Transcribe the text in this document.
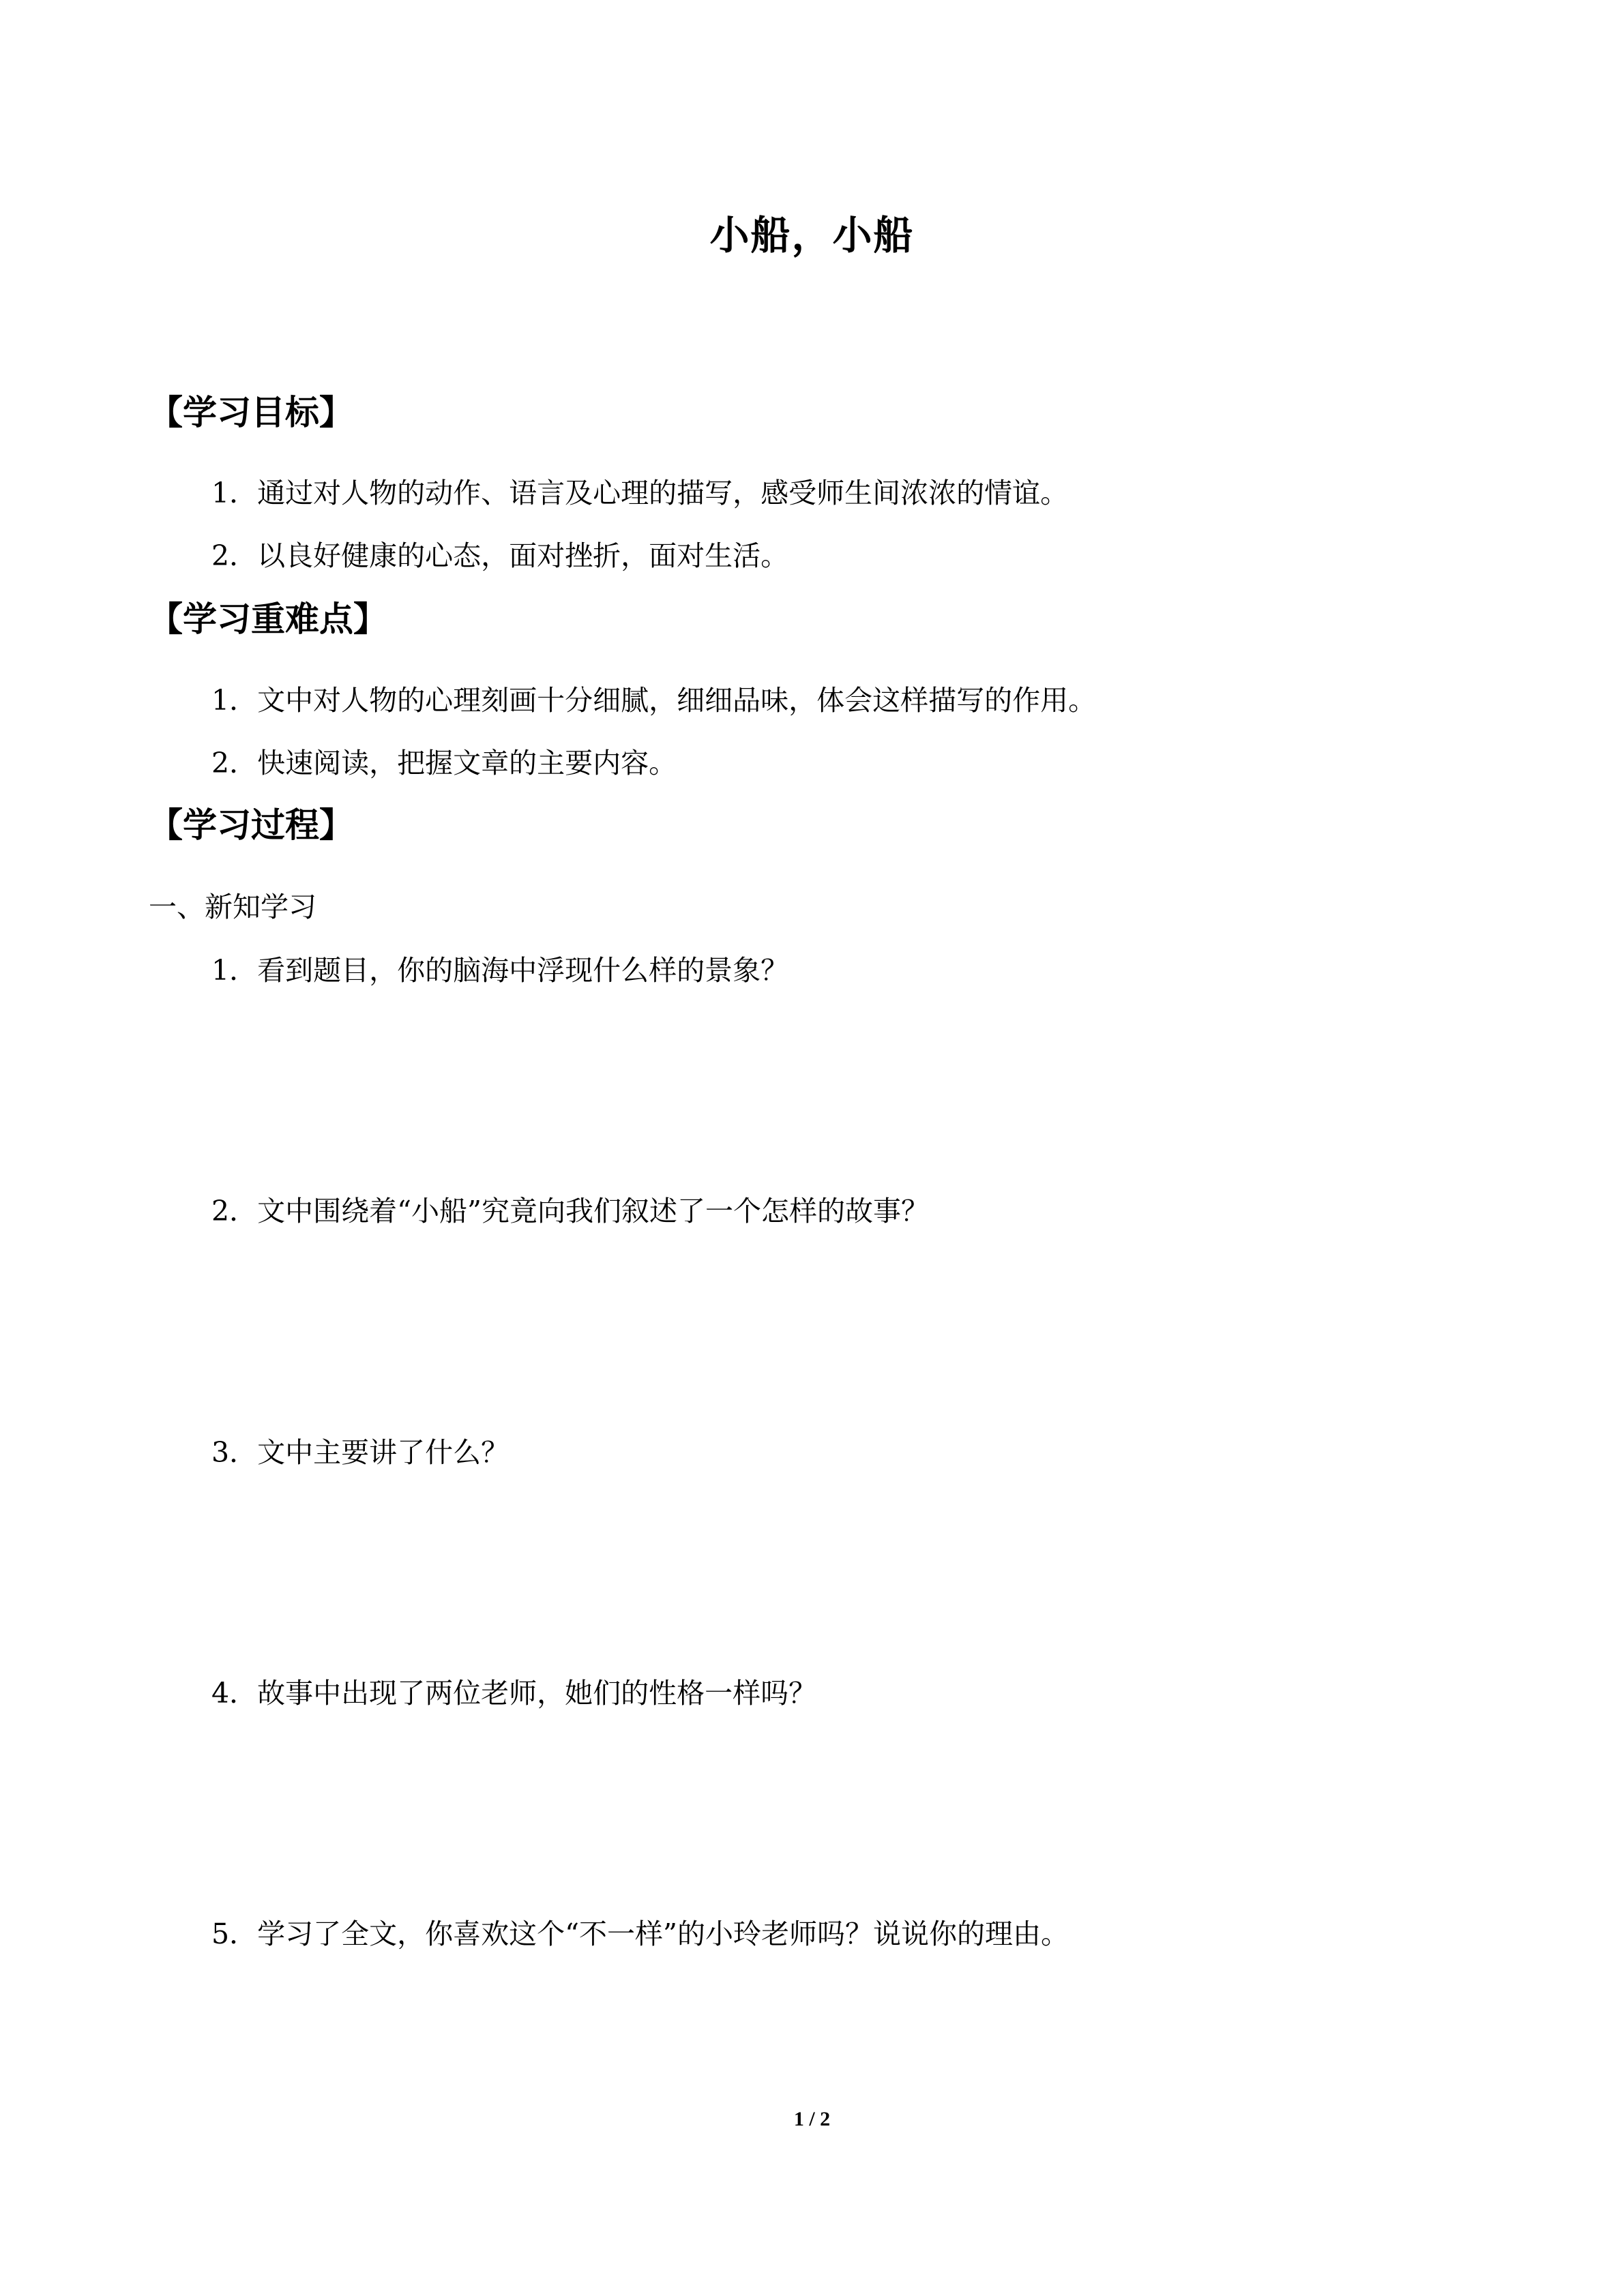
小船，小船
【学习目标】
1．通过对人物的动作、语言及心理的描写，感受师生间浓浓的情谊。
2．以良好健康的心态，面对挫折，面对生活。
【学习重难点】
1．文中对人物的心理刻画十分细腻，细细品味，体会这样描写的作用。
2．快速阅读，把握文章的主要内容。
【学习过程】
一、新知学习
1．看到题目，你的脑海中浮现什么样的景象？
2．文中围绕着“小船”究竟向我们叙述了一个怎样的故事？
3．文中主要讲了什么？
4．故事中出现了两位老师，她们的性格一样吗？
5．学习了全文，你喜欢这个“不一样”的小玲老师吗？说说你的理由。
1 / 2
